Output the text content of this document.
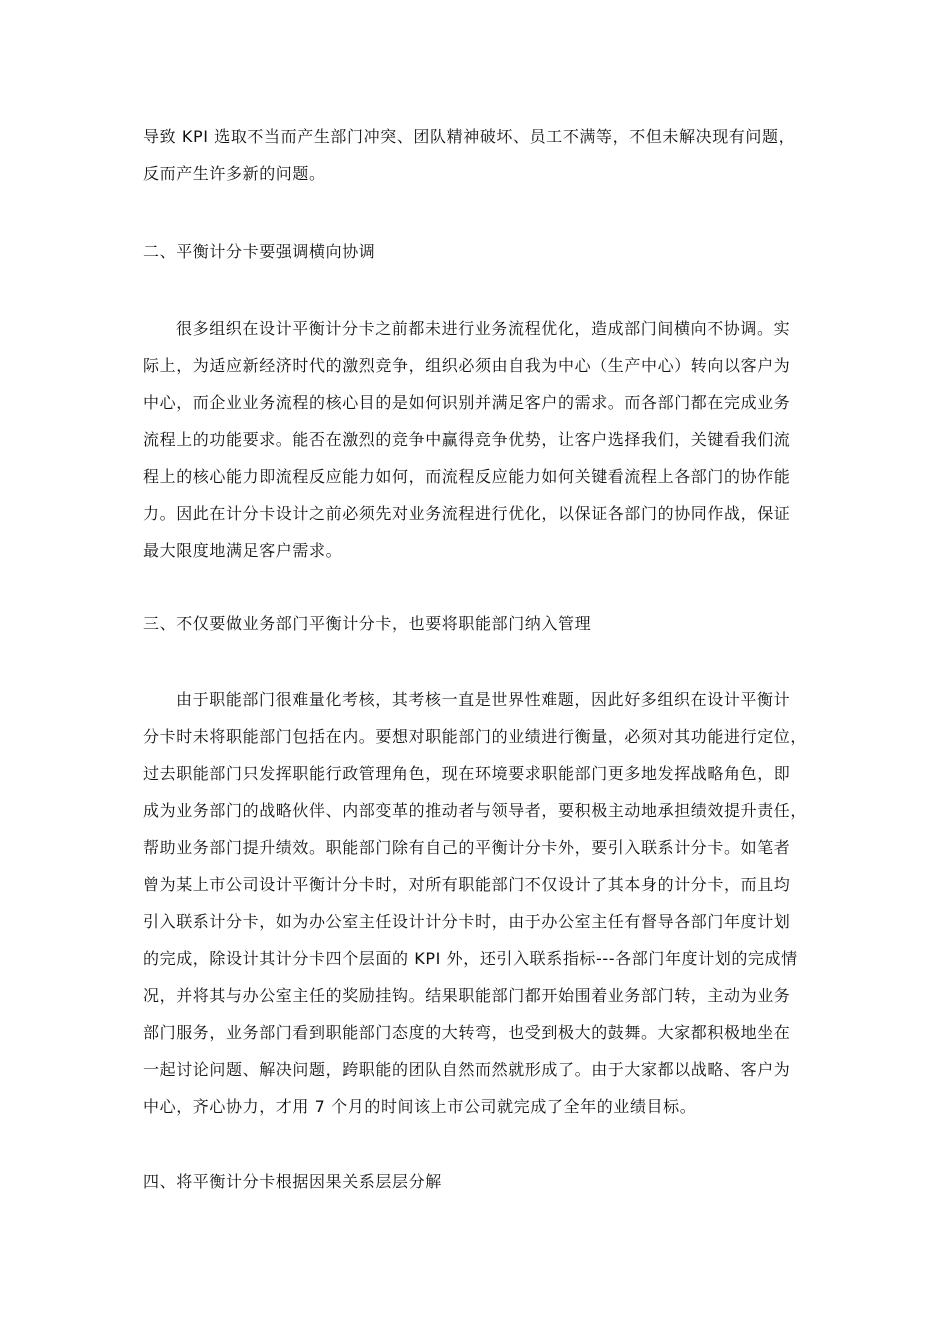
导致 KPI 选取不当而产生部门冲突、团队精神破坏、员工不满等，不但未解决现有问题，
反而产生许多新的问题。
二、平衡计分卡要强调横向协调
很多组织在设计平衡计分卡之前都未进行业务流程优化，造成部门间横向不协调。实
际上，为适应新经济时代的激烈竞争，组织必须由自我为中心（生产中心）转向以客户为
中心，而企业业务流程的核心目的是如何识别并满足客户的需求。而各部门都在完成业务
流程上的功能要求。能否在激烈的竞争中赢得竞争优势，让客户选择我们，关键看我们流
程上的核心能力即流程反应能力如何，而流程反应能力如何关键看流程上各部门的协作能
力。因此在计分卡设计之前必须先对业务流程进行优化，以保证各部门的协同作战，保证
最大限度地满足客户需求。
三、不仅要做业务部门平衡计分卡，也要将职能部门纳入管理
由于职能部门很难量化考核，其考核一直是世界性难题，因此好多组织在设计平衡计
分卡时未将职能部门包括在内。要想对职能部门的业绩进行衡量，必须对其功能进行定位，
过去职能部门只发挥职能行政管理角色，现在环境要求职能部门更多地发挥战略角色，即
成为业务部门的战略伙伴、内部变革的推动者与领导者，要积极主动地承担绩效提升责任，
帮助业务部门提升绩效。职能部门除有自己的平衡计分卡外，要引入联系计分卡。如笔者
曾为某上市公司设计平衡计分卡时，对所有职能部门不仅设计了其本身的计分卡，而且均
引入联系计分卡，如为办公室主任设计计分卡时，由于办公室主任有督导各部门年度计划
的完成，除设计其计分卡四个层面的 KPI 外，还引入联系指标---各部门年度计划的完成情
况，并将其与办公室主任的奖励挂钩。结果职能部门都开始围着业务部门转，主动为业务
部门服务，业务部门看到职能部门态度的大转弯，也受到极大的鼓舞。大家都积极地坐在
一起讨论问题、解决问题，跨职能的团队自然而然就形成了。由于大家都以战略、客户为
中心，齐心协力，才用 7 个月的时间该上市公司就完成了全年的业绩目标。
四、将平衡计分卡根据因果关系层层分解
